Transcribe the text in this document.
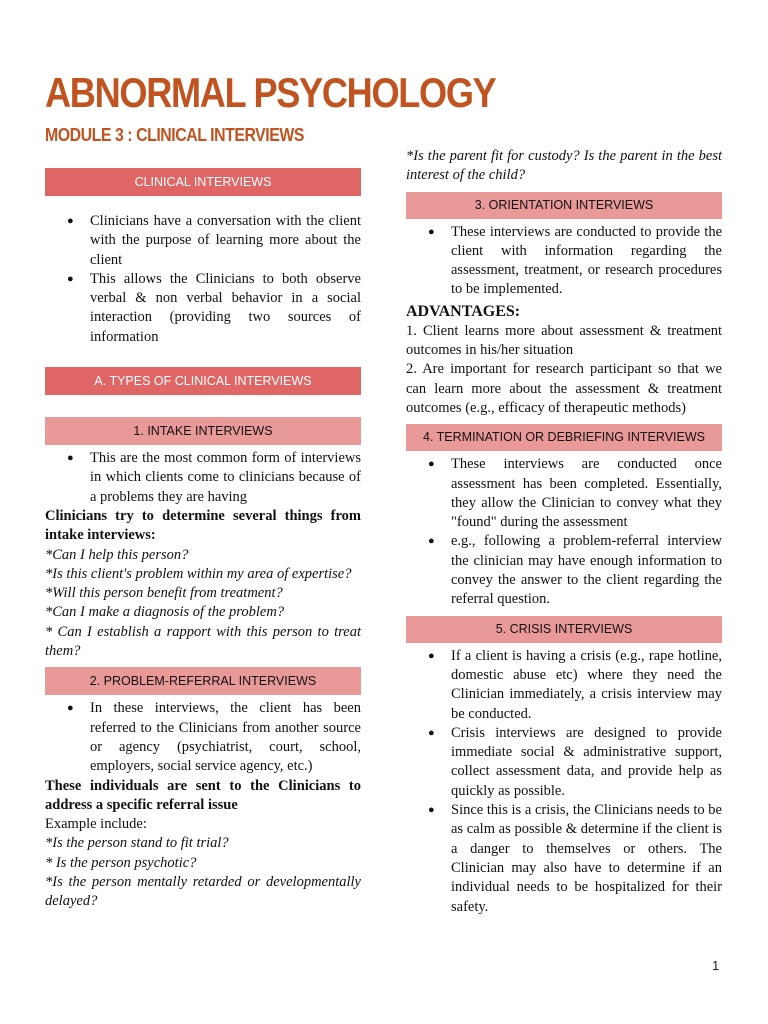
ABNORMAL PSYCHOLOGY
MODULE 3 : CLINICAL INTERVIEWS
CLINICAL INTERVIEWS
● Clinicians have a conversation with the client with the purpose of learning more about the client
● This allows the Clinicians to both observe verbal & non verbal behavior in a social interaction (providing two sources of information
A. TYPES OF CLINICAL INTERVIEWS
1. INTAKE INTERVIEWS
● This are the most common form of interviews in which clients come to clinicians because of a problems they are having

Clinicians try to determine several things from intake interviews:

*Can I help this person?

*Is this client's problem within my area of expertise?

*Will this person benefit from treatment?

*Can I make a diagnosis of the problem?

* Can I establish a rapport with this person to treat them?

2. PROBLEM-REFERRAL INTERVIEWS
● In these interviews, the client has been referred to the Clinicians from another source or agency (psychiatrist, court, school, employers, social service agency, etc.)

These individuals are sent to the Clinicians to address a specific referral issue

Example include:

*Is the person stand to fit trial?

* Is the person psychotic?

*Is the person mentally retarded or developmentally delayed?

*Is the parent fit for custody? Is the parent in the best interest of the child?

3. ORIENTATION INTERVIEWS
● These interviews are conducted to provide the client with information regarding the assessment, treatment, or research procedures to be implemented.

ADVANTAGES:

1. Client learns more about assessment & treatment outcomes in his/her situation

2. Are important for research participant so that we can learn more about the assessment & treatment outcomes (e.g., efficacy of therapeutic methods)

4. TERMINATION OR DEBRIEFING INTERVIEWS
● These interviews are conducted once assessment has been completed. Essentially, they allow the Clinician to convey what they "found" during the assessment
● e.g., following a problem-referral interview the clinician may have enough information to convey the answer to the client regarding the referral question.
5. CRISIS INTERVIEWS
● If a client is having a crisis (e.g., rape hotline, domestic abuse etc) where they need the Clinician immediately, a crisis interview may be conducted.
● Crisis interviews are designed to provide immediate social & administrative support, collect assessment data, and provide help as quickly as possible.
● Since this is a crisis, the Clinicians needs to be as calm as possible & determine if the client is a danger to themselves or others. The Clinician may also have to determine if an individual needs to be hospitalized for their safety.
1
